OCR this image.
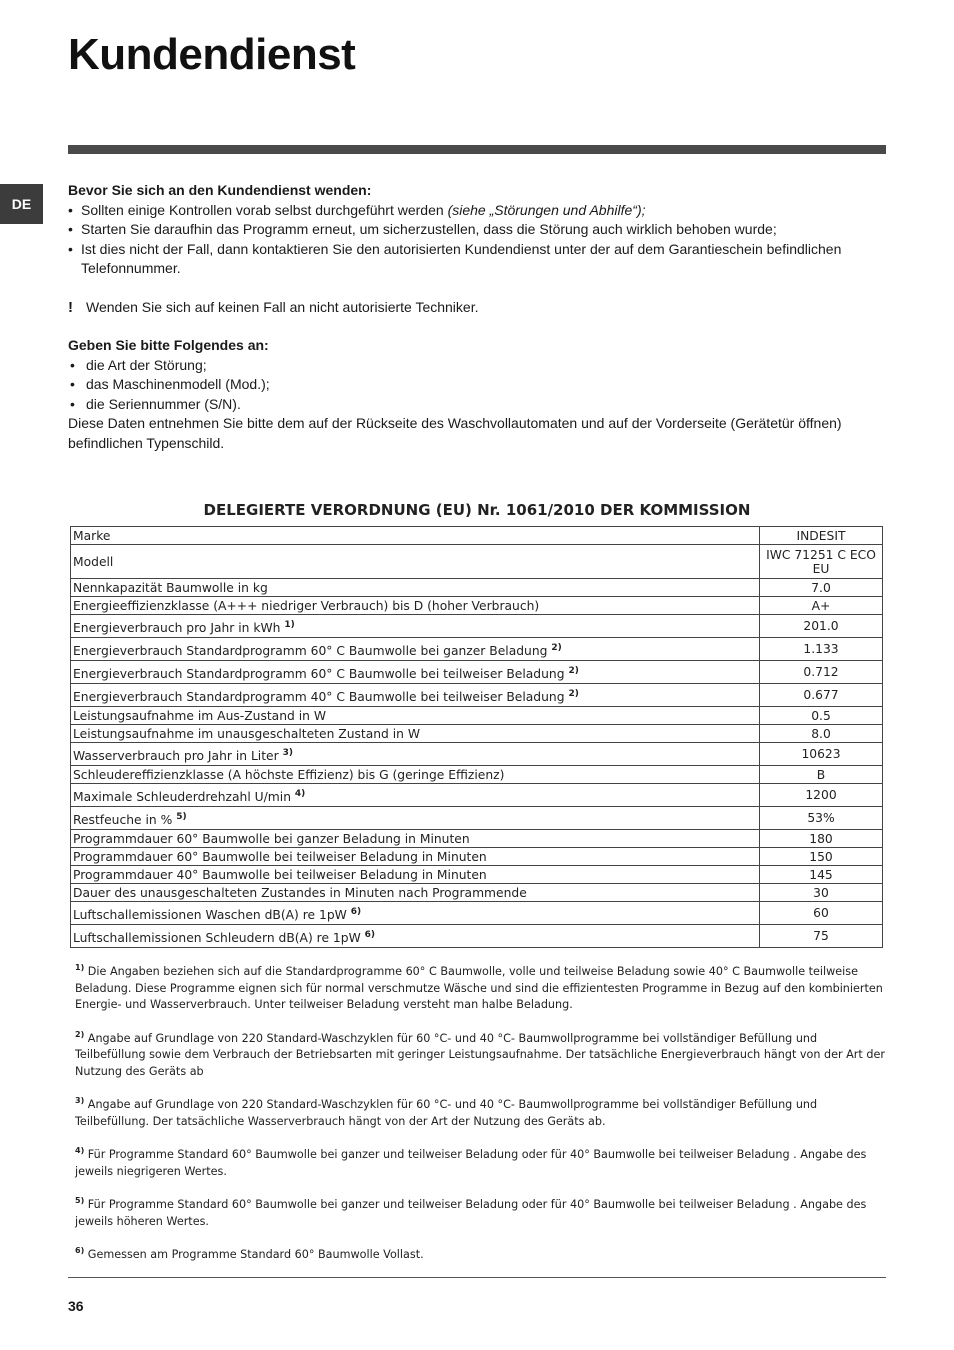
Kundendienst
DE

Bevor Sie sich an den Kundendienst wenden:

• Sollten einige Kontrollen vorab selbst durchgeführt werden (siehe „Störungen und Abhilfe“);

• Starten Sie daraufhin das Programm erneut, um sicherzustellen, dass die Störung auch wirklich behoben wurde;

• Ist dies nicht der Fall, dann kontaktieren Sie den autorisierten Kundendienst unter der auf dem Garantieschein befindlichen Telefonnummer.

! Wenden Sie sich auf keinen Fall an nicht autorisierte Techniker.

Geben Sie bitte Folgendes an:

• die Art der Störung;

• das Maschinenmodell (Mod.);

• die Seriennummer (S/N).

Diese Daten entnehmen Sie bitte dem auf der Rückseite des Waschvollautomaten und auf der Vorderseite (Gerätetür öffnen) befindlichen Typenschild.

DELEGIERTE VERORDNUNG (EU) Nr. 1061/2010 DER KOMMISSION
Marke	INDESIT
Modell	IWC 71251 C ECO EU
Nennkapazität Baumwolle in kg	7.0
Energieeffizienzklasse (A+++ niedriger Verbrauch) bis D (hoher Verbrauch)	A+
Energieverbrauch pro Jahr in kWh $^{1)}$	201.0
Energieverbrauch Standardprogramm 60° C Baumwolle bei ganzer Beladung $^{2)}$	1.133
Energieverbrauch Standardprogramm 60° C Baumwolle bei teilweiser Beladung $^{2)}$	0.712
Energieverbrauch Standardprogramm 40° C Baumwolle bei teilweiser Beladung $^{2)}$	0.677
Leistungsaufnahme im Aus-Zustand in W	0.5
Leistungsaufnahme im unausgeschalteten Zustand in W	8.0
Wasserverbrauch pro Jahr in Liter $^{3)}$	10623
Schleudereffizienzklasse (A höchste Effizienz) bis G (geringe Effizienz)	B
Maximale Schleuderdrehzahl U/min $^{4)}$	1200
Restfeuche in % $^{5)}$	53%
Programmdauer 60° Baumwolle bei ganzer Beladung in Minuten	180
Programmdauer 60° Baumwolle bei teilweiser Beladung in Minuten	150
Programmdauer 40° Baumwolle bei teilweiser Beladung in Minuten	145
Dauer des unausgeschalteten Zustandes in Minuten nach Programmende	30
Luftschallemissionen Waschen dB(A) re 1pW $^{6)}$	60
Luftschallemissionen Schleudern dB(A) re 1pW $^{6)}$	75

$^{1)}$ Die Angaben beziehen sich auf die Standardprogramme 60° C Baumwolle, volle und teilweise Beladung sowie 40° C Baumwolle teilweise Beladung. Diese Programme eignen sich für normal verschmutze Wäsche und sind die effizientesten Programme in Bezug auf den kombinierten Energie- und Wasserverbrauch. Unter teilweiser Beladung versteht man halbe Beladung.

$^{2)}$ Angabe auf Grundlage von 220 Standard-Waschzyklen für 60 °C- und 40 °C- Baumwollprogramme bei vollständiger Befüllung und Teilbefüllung sowie dem Verbrauch der Betriebsarten mit geringer Leistungsaufnahme. Der tatsächliche Energieverbrauch hängt von der Art der Nutzung des Geräts ab

$^{3)}$ Angabe auf Grundlage von 220 Standard-Waschzyklen für 60 °C- und 40 °C- Baumwollprogramme bei vollständiger Befüllung und Teilbefüllung. Der tatsächliche Wasserverbrauch hängt von der Art der Nutzung des Geräts ab.

$^{4)}$ Für Programme Standard 60° Baumwolle bei ganzer und teilweiser Beladung oder für 40° Baumwolle bei teilweiser Beladung . Angabe des jeweils niegrigeren Wertes.

$^{5)}$ Für Programme Standard 60° Baumwolle bei ganzer und teilweiser Beladung oder für 40° Baumwolle bei teilweiser Beladung . Angabe des jeweils höheren Wertes.

$^{6)}$ Gemessen am Programme Standard 60° Baumwolle Vollast.

36
